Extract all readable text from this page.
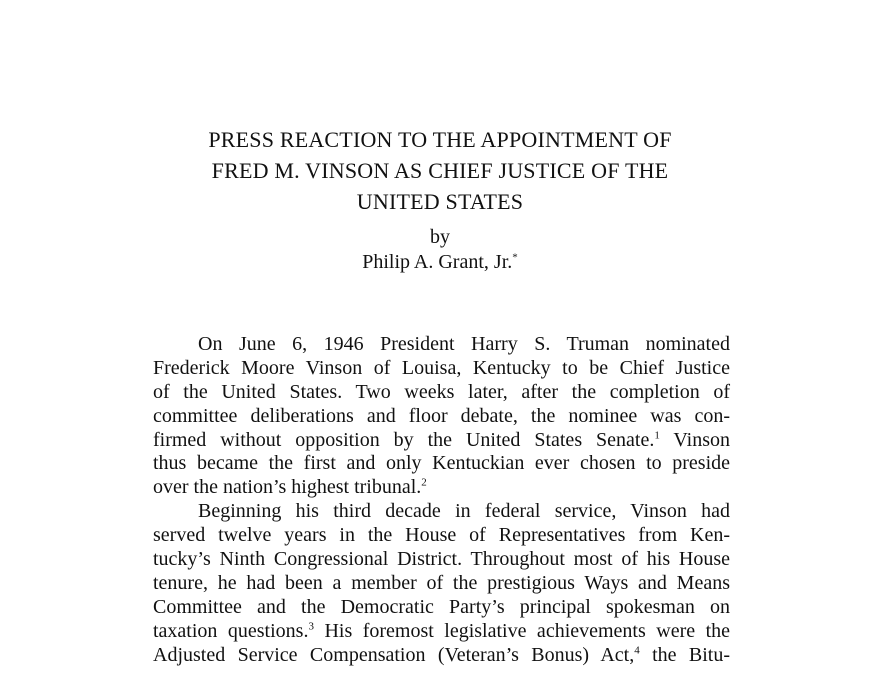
PRESS REACTION TO THE APPOINTMENT OF
FRED M. VINSON AS CHIEF JUSTICE OF THE
UNITED STATES
by
Philip A. Grant, Jr.*
On June 6, 1946 President Harry S. Truman nominated
Frederick Moore Vinson of Louisa, Kentucky to be Chief Justice
of the United States. Two weeks later, after the completion of
committee deliberations and floor debate, the nominee was con-
firmed without opposition by the United States Senate.$^1$ Vinson
thus became the first and only Kentuckian ever chosen to preside
over the nation’s highest tribunal.$^2$
Beginning his third decade in federal service, Vinson had
served twelve years in the House of Representatives from Ken-
tucky’s Ninth Congressional District. Throughout most of his House
tenure, he had been a member of the prestigious Ways and Means
Committee and the Democratic Party’s principal spokesman on
taxation questions.$^3$ His foremost legislative achievements were the
Adjusted Service Compensation (Veteran’s Bonus) Act,$^4$ the Bitu-
